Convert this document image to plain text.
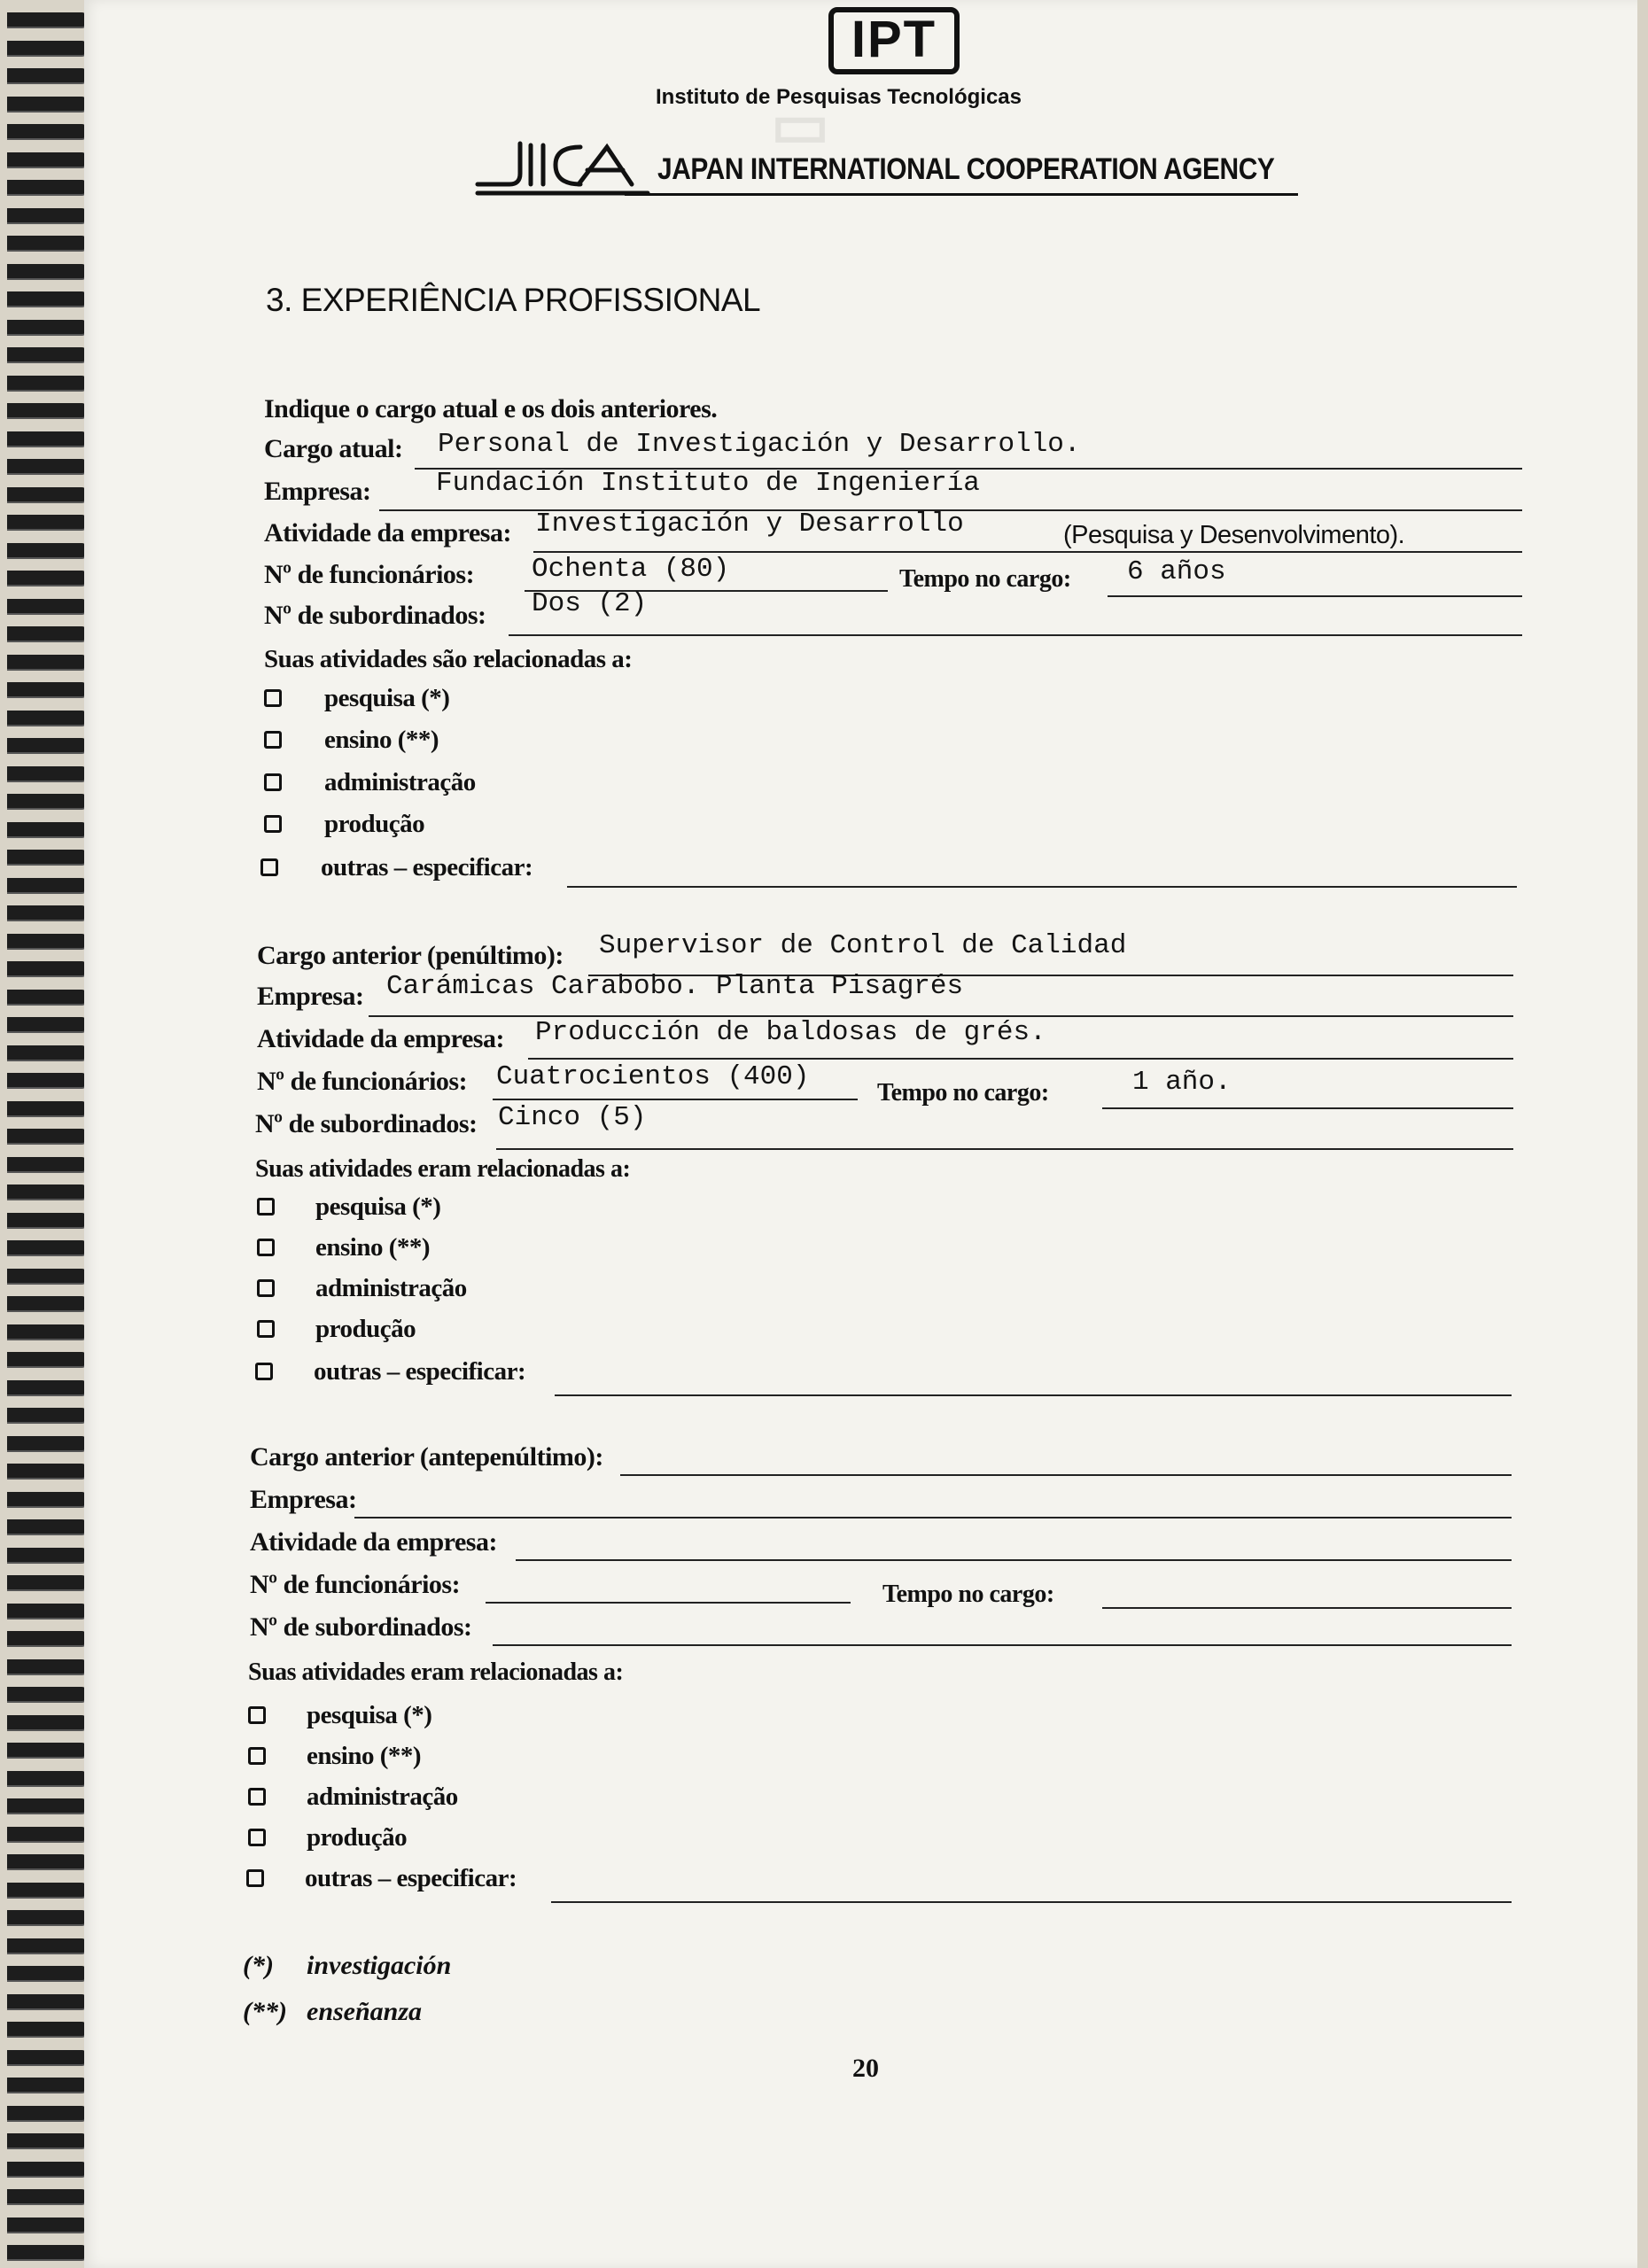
▭
IPT
Instituto de Pesquisas Tecnológicas
JICA
JAPAN INTERNATIONAL COOPERATION AGENCY
3. EXPERIÊNCIA PROFISSIONAL
Indique o cargo atual e os dois anteriores.
Cargo atual: Personal de Investigación y Desarrollo.
Empresa: Fundación Instituto de Ingeniería
Atividade da empresa: Investigación y Desarrollo	(Pesquisa y Desenvolvimento).
Nº de funcionários: Ochenta (80)	Tempo no cargo: 6 años
Nº de subordinados: Dos (2)
Suas atividades são relacionadas a:
pesquisa (*)
ensino (**)
administração
produção
outras – especificar:
Cargo anterior (penúltimo): Supervisor de Control de Calidad
Empresa: Carámicas Carabobo. Planta Pisagrés
Atividade da empresa: Producción de baldosas de grés.
Nº de funcionários: Cuatrocientos (400)
Tempo no cargo:	1 año.
Nº de subordinados: Cinco (5)
Suas atividades eram relacionadas a:
pesquisa (*)
ensino (**)
administração
produção
outras – especificar:
Cargo anterior (antepenúltimo):
Empresa:
Atividade da empresa:
Nº de funcionários:	Tempo no cargo:
Nº de subordinados:
Suas atividades eram relacionadas a:
pesquisa (*)
ensino (**)
administração
produção
outras – especificar:
(*) investigación
(**) enseñanza
20
